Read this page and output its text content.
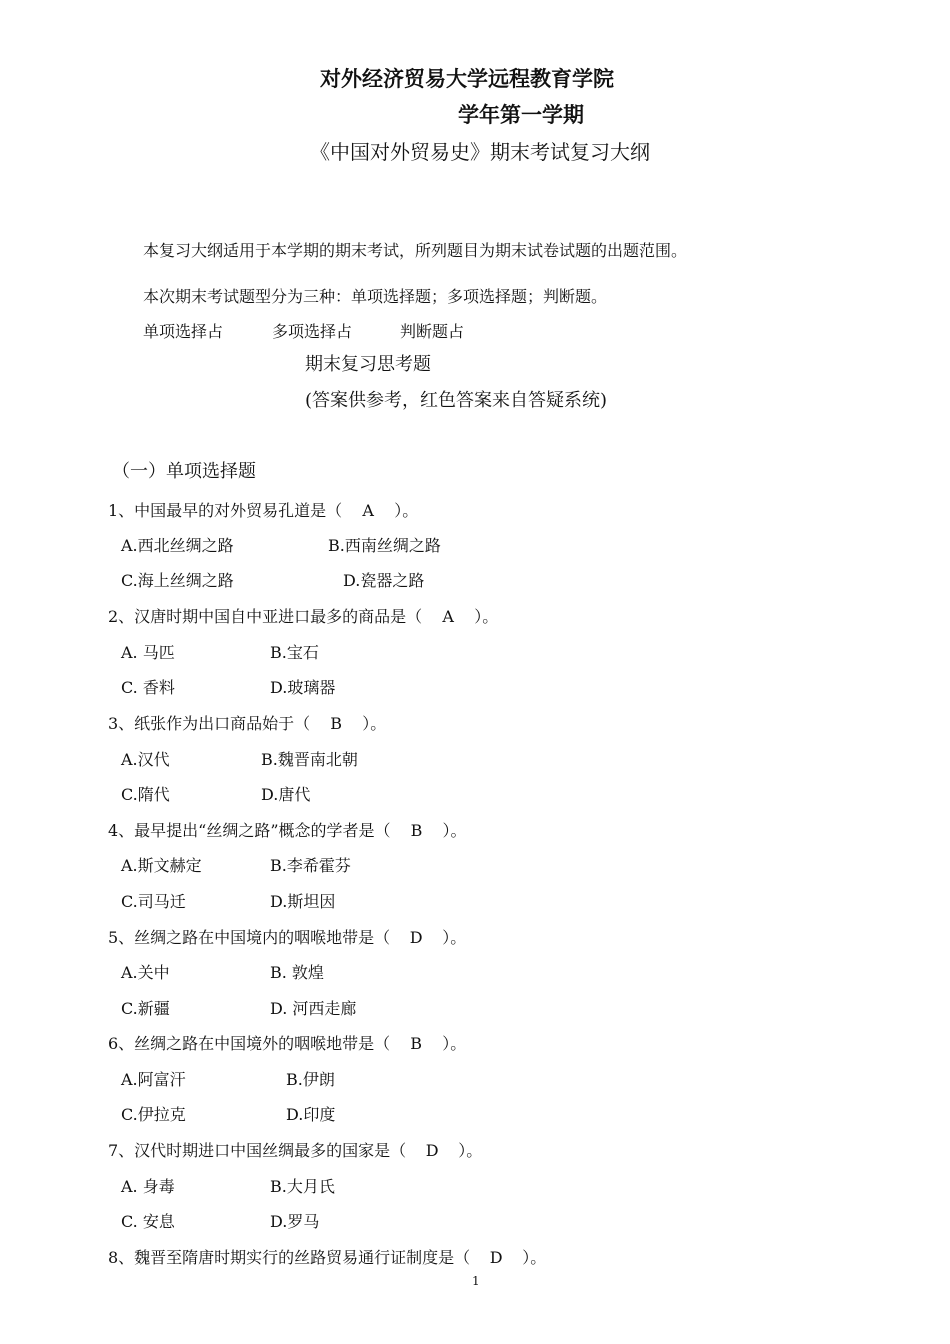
对外经济贸易大学远程教育学院
学年第一学期
《中国对外贸易史》期末考试复习大纲
本复习大纲适用于本学期的期末考试，所列题目为期末试卷试题的出题范围。
本次期末考试题型分为三种：单项选择题；多项选择题；判断题。
单项选择占	多项选择占	判断题占
期末复习思考题
(答案供参考，红色答案来自答疑系统)
（一）单项选择题
1、中国最早的对外贸易孔道是（ A ）。
A.西北丝绸之路	B.西南丝绸之路
C.海上丝绸之路	D.瓷器之路
2、汉唐时期中国自中亚进口最多的商品是（ A ）。
A. 马匹	B.宝石
C. 香料	D.玻璃器
3、纸张作为出口商品始于（ B ）。
A.汉代	B.魏晋南北朝
C.隋代	D.唐代
4、最早提出“丝绸之路”概念的学者是（ B ）。
A.斯文赫定	B.李希霍芬
C.司马迁	D.斯坦因
5、丝绸之路在中国境内的咽喉地带是（ D ）。
A.关中	B. 敦煌
C.新疆	D. 河西走廊
6、丝绸之路在中国境外的咽喉地带是（ B ）。
A.阿富汗	B.伊朗
C.伊拉克	D.印度
7、汉代时期进口中国丝绸最多的国家是（ D ）。
A. 身毒	B.大月氏
C. 安息	D.罗马
8、魏晋至隋唐时期实行的丝路贸易通行证制度是（ D ）。
1
